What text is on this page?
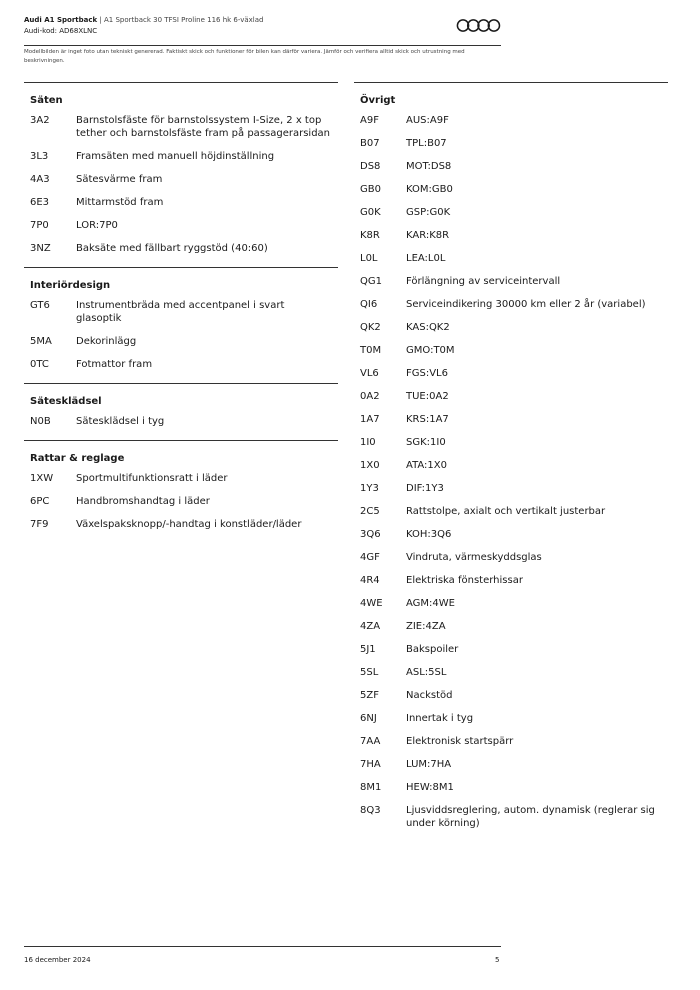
Audi A1 Sportback | A1 Sportback 30 TFSI Proline 116 hk 6-växlad
Audi-kod: AD68XLNC
Modellbilden är inget foto utan tekniskt genererad. Faktiskt skick och funktioner för bilen kan därför variera. Jämför och verifiera alltid skick och utrustning med beskrivningen.
Säten
3A2	Barnstolsfäste för barnstolssystem I-Size, 2 x top tether och barnstolsfäste fram på passagerarsidan
3L3	Framsäten med manuell höjdinställning
4A3	Sätesvärme fram
6E3	Mittarmstöd fram
7P0	LOR:7P0
3NZ	Baksäte med fällbart ryggstöd (40:60)
Interiördesign
GT6	Instrumentbräda med accentpanel i svart glasoptik
5MA	Dekorinlägg
0TC	Fotmattor fram
Sätesklädsel
N0B	Sätesklädsel i tyg
Rattar & reglage
1XW	Sportmultifunktionsratt i läder
6PC	Handbromshandtag i läder
7F9	Växelspaksknopp/-handtag i konstläder/läder
Övrigt
A9F	AUS:A9F
B07	TPL:B07
DS8	MOT:DS8
GB0	KOM:GB0
G0K	GSP:G0K
K8R	KAR:K8R
L0L	LEA:L0L
QG1	Förlängning av serviceintervall
QI6	Serviceindikering 30000 km eller 2 år (variabel)
QK2	KAS:QK2
T0M	GMO:T0M
VL6	FGS:VL6
0A2	TUE:0A2
1A7	KRS:1A7
1I0	SGK:1I0
1X0	ATA:1X0
1Y3	DIF:1Y3
2C5	Rattstolpe, axialt och vertikalt justerbar
3Q6	KOH:3Q6
4GF	Vindruta, värmeskyddsglas
4R4	Elektriska fönsterhissar
4WE	AGM:4WE
4ZA	ZIE:4ZA
5J1	Bakspoiler
5SL	ASL:5SL
5ZF	Nackstöd
6NJ	Innertak i tyg
7AA	Elektronisk startspärr
7HA	LUM:7HA
8M1	HEW:8M1
8Q3	Ljusviddsreglering, autom. dynamisk (reglerar sig under körning)
16 december 2024	5
